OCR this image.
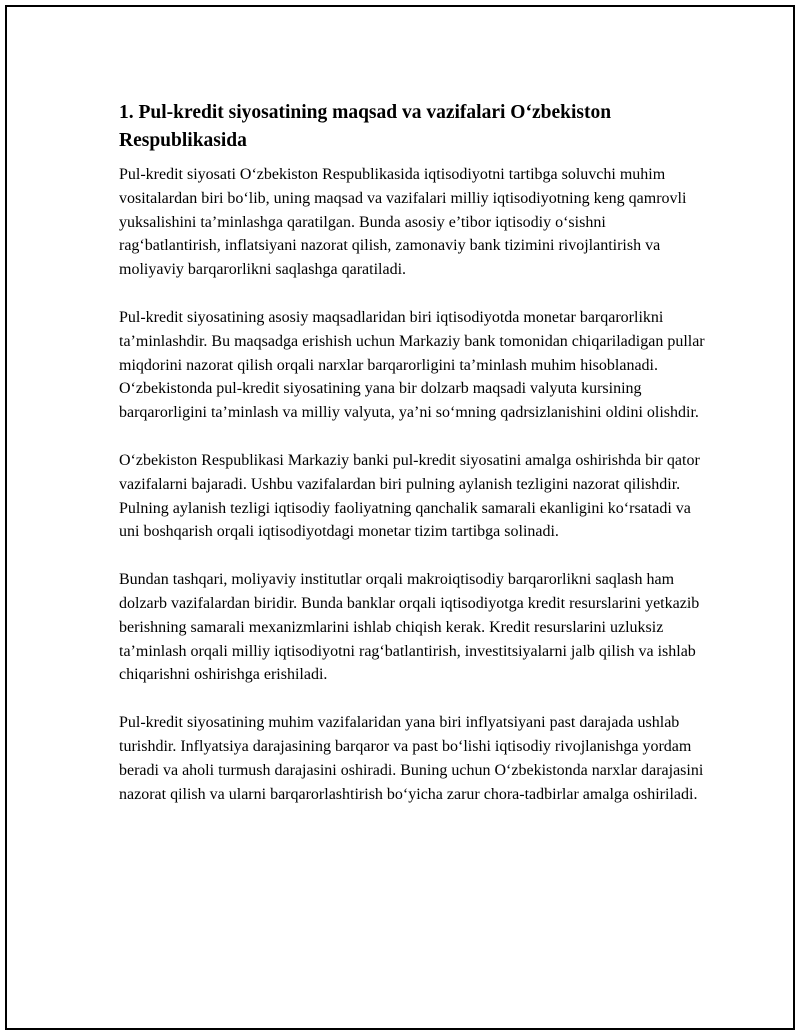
1. Pul-kredit siyosatining maqsad va vazifalari O‘zbekiston Respublikasida

Pul-kredit siyosati O‘zbekiston Respublikasida iqtisodiyotni tartibga soluvchi muhim vositalardan biri bo‘lib, uning maqsad va vazifalari milliy iqtisodiyotning keng qamrovli yuksalishini ta’minlashga qaratilgan. Bunda asosiy e’tibor iqtisodiy o‘sishni rag‘batlantirish, inflatsiyani nazorat qilish, zamonaviy bank tizimini rivojlantirish va moliyaviy barqarorlikni saqlashga qaratiladi.

Pul-kredit siyosatining asosiy maqsadlaridan biri iqtisodiyotda monetar barqarorlikni ta’minlashdir. Bu maqsadga erishish uchun Markaziy bank tomonidan chiqariladigan pullar miqdorini nazorat qilish orqali narxlar barqarorligini ta’minlash muhim hisoblanadi. O‘zbekistonda pul-kredit siyosatining yana bir dolzarb maqsadi valyuta kursining barqarorligini ta’minlash va milliy valyuta, ya’ni so‘mning qadrsizlanishini oldini olishdir.

O‘zbekiston Respublikasi Markaziy banki pul-kredit siyosatini amalga oshirishda bir qator vazifalarni bajaradi. Ushbu vazifalardan biri pulning aylanish tezligini nazorat qilishdir. Pulning aylanish tezligi iqtisodiy faoliyatning qanchalik samarali ekanligini ko‘rsatadi va uni boshqarish orqali iqtisodiyotdagi monetar tizim tartibga solinadi.

Bundan tashqari, moliyaviy institutlar orqali makroiqtisodiy barqarorlikni saqlash ham dolzarb vazifalardan biridir. Bunda banklar orqali iqtisodiyotga kredit resurslarini yetkazib berishning samarali mexanizmlarini ishlab chiqish kerak. Kredit resurslarini uzluksiz ta’minlash orqali milliy iqtisodiyotni rag‘batlantirish, investitsiyalarni jalb qilish va ishlab chiqarishni oshirishga erishiladi.

Pul-kredit siyosatining muhim vazifalaridan yana biri inflyatsiyani past darajada ushlab turishdir. Inflyatsiya darajasining barqaror va past bo‘lishi iqtisodiy rivojlanishga yordam beradi va aholi turmush darajasini oshiradi. Buning uchun O‘zbekistonda narxlar darajasini nazorat qilish va ularni barqarorlashtirish bo‘yicha zarur chora-tadbirlar amalga oshiriladi.
